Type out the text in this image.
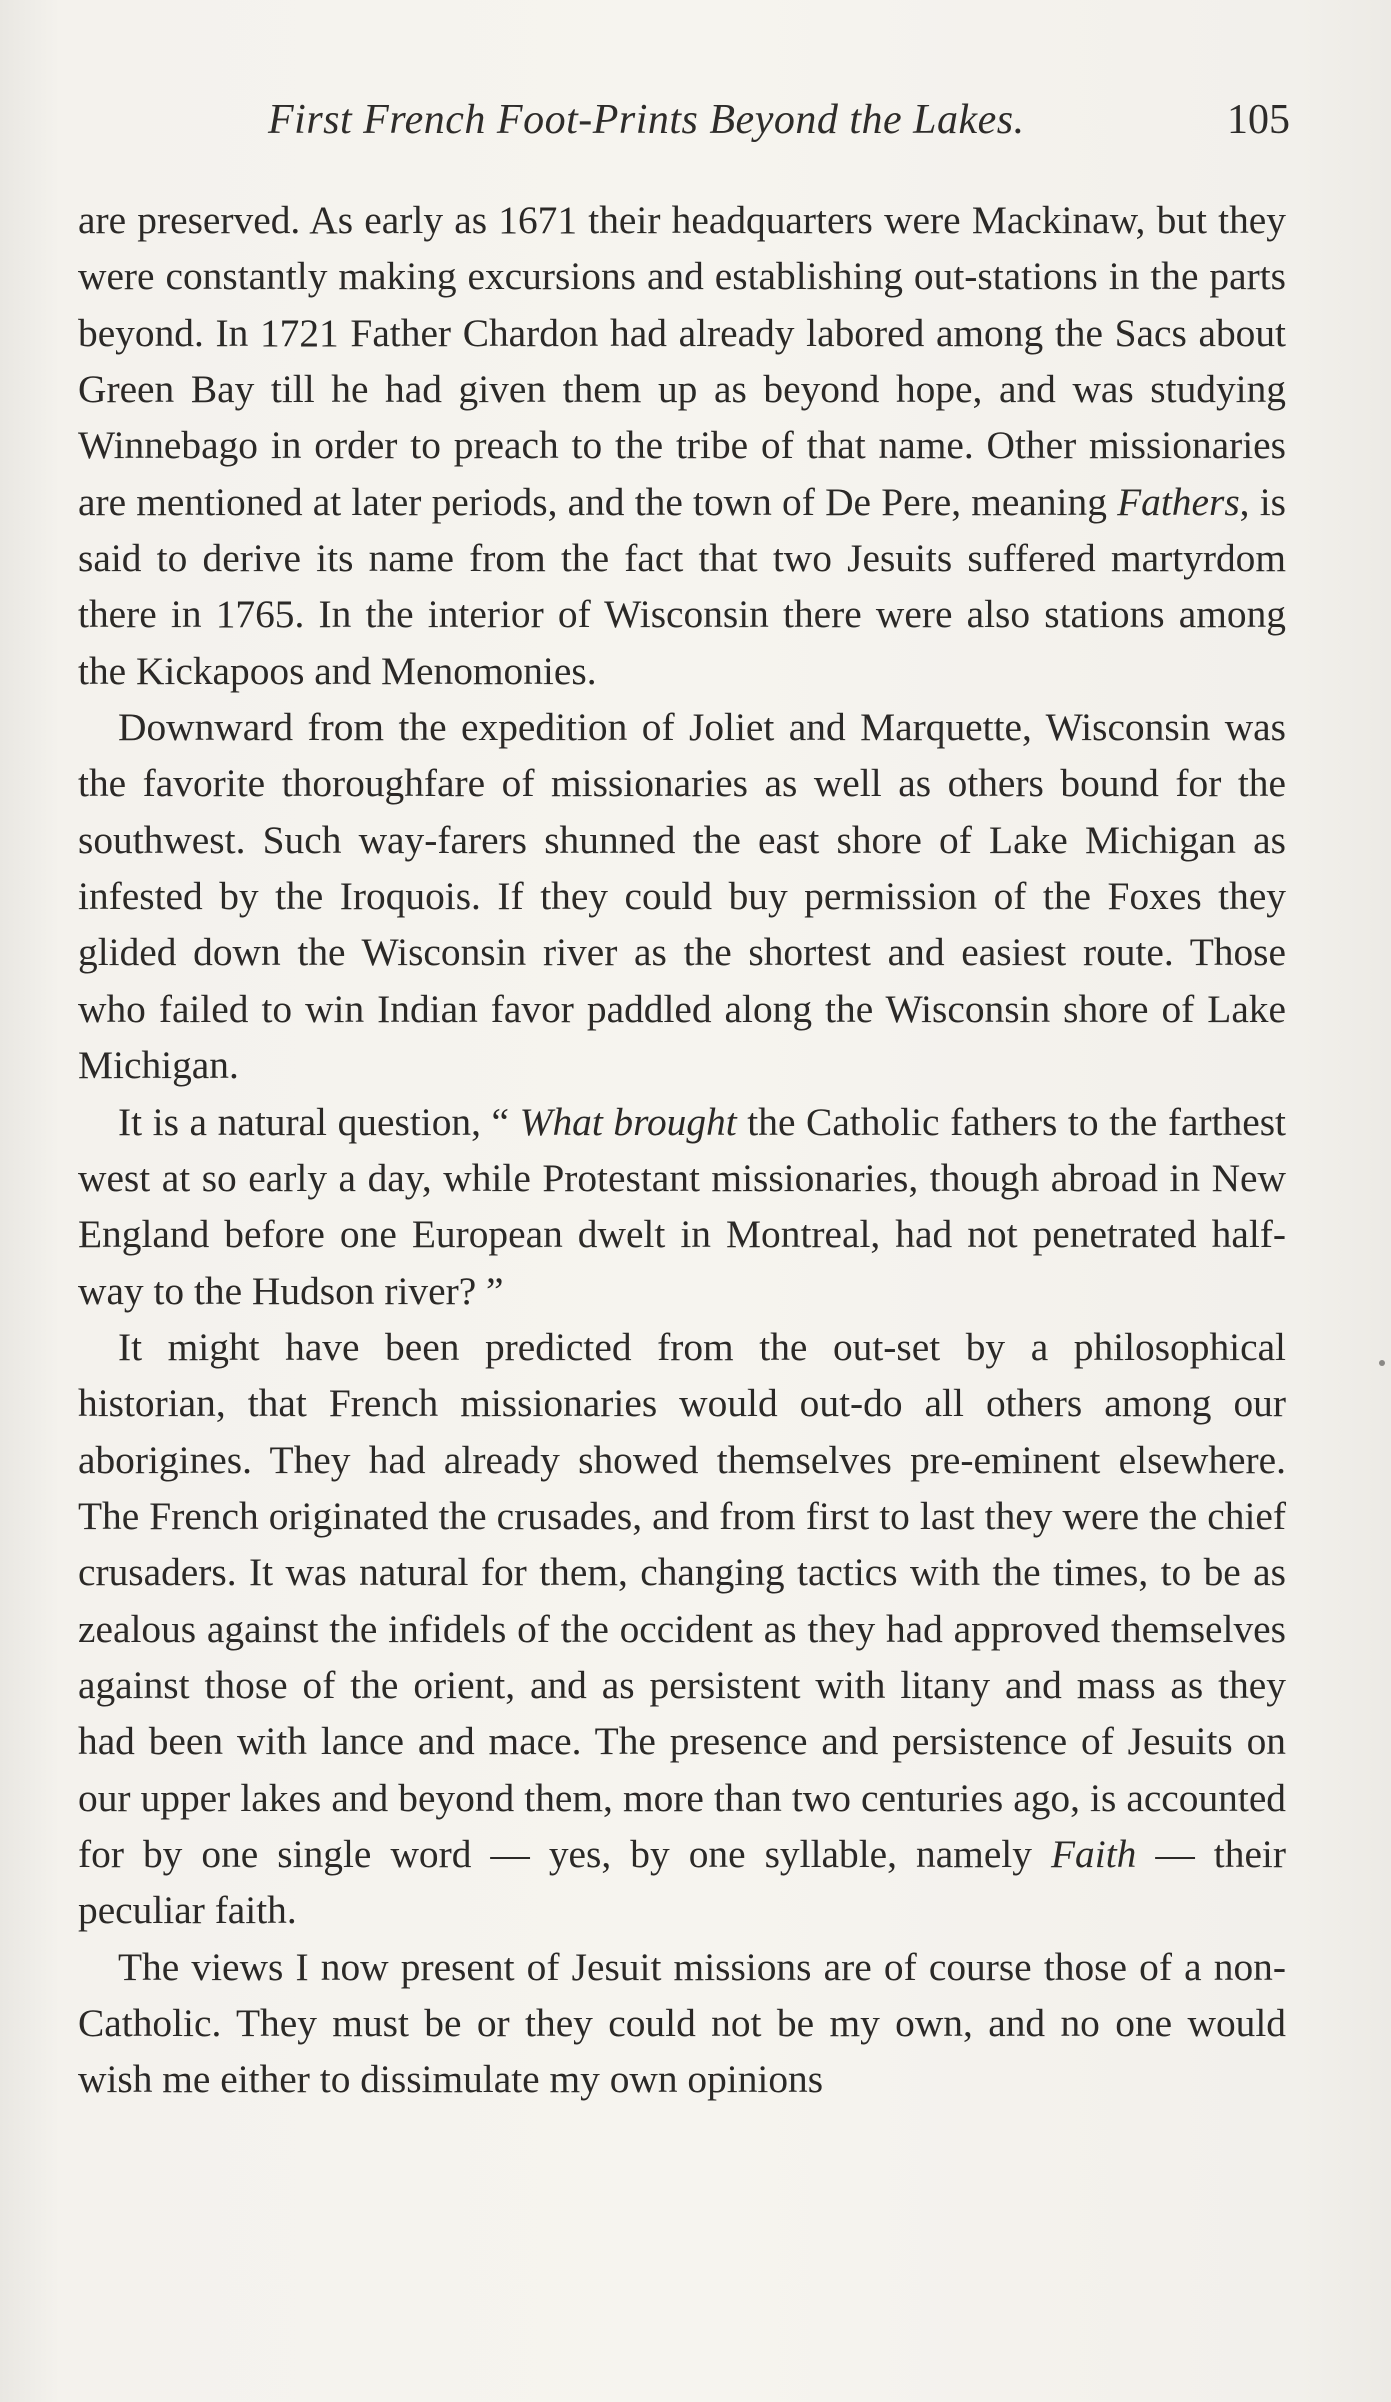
First French Foot-Prints Beyond the Lakes.	105

are preserved. As early as 1671 their headquarters were Mackinaw, but they were constantly making excursions and establishing out-stations in the parts beyond. In 1721 Father Chardon had already labored among the Sacs about Green Bay till he had given them up as beyond hope, and was studying Winnebago in order to preach to the tribe of that name. Other missionaries are mentioned at later periods, and the town of De Pere, meaning Fathers, is said to derive its name from the fact that two Jesuits suffered martyrdom there in 1765. In the interior of Wisconsin there were also stations among the Kickapoos and Menomonies.

Downward from the expedition of Joliet and Marquette, Wisconsin was the favorite thoroughfare of missionaries as well as others bound for the southwest. Such way-farers shunned the east shore of Lake Michigan as infested by the Iroquois. If they could buy permission of the Foxes they glided down the Wisconsin river as the shortest and easiest route. Those who failed to win Indian favor paddled along the Wisconsin shore of Lake Michigan.

It is a natural question, “ What brought the Catholic fathers to the farthest west at so early a day, while Protestant missionaries, though abroad in New England before one European dwelt in Montreal, had not penetrated half-way to the Hudson river? ”

It might have been predicted from the out-set by a philosophical historian, that French missionaries would out-do all others among our aborigines. They had already showed themselves pre-eminent elsewhere. The French originated the crusades, and from first to last they were the chief crusaders. It was natural for them, changing tactics with the times, to be as zealous against the infidels of the occident as they had approved themselves against those of the orient, and as persistent with litany and mass as they had been with lance and mace. The presence and persistence of Jesuits on our upper lakes and beyond them, more than two centuries ago, is accounted for by one single word — yes, by one syllable, namely Faith — their peculiar faith.

The views I now present of Jesuit missions are of course those of a non-Catholic. They must be or they could not be my own, and no one would wish me either to dissimulate my own opinions
